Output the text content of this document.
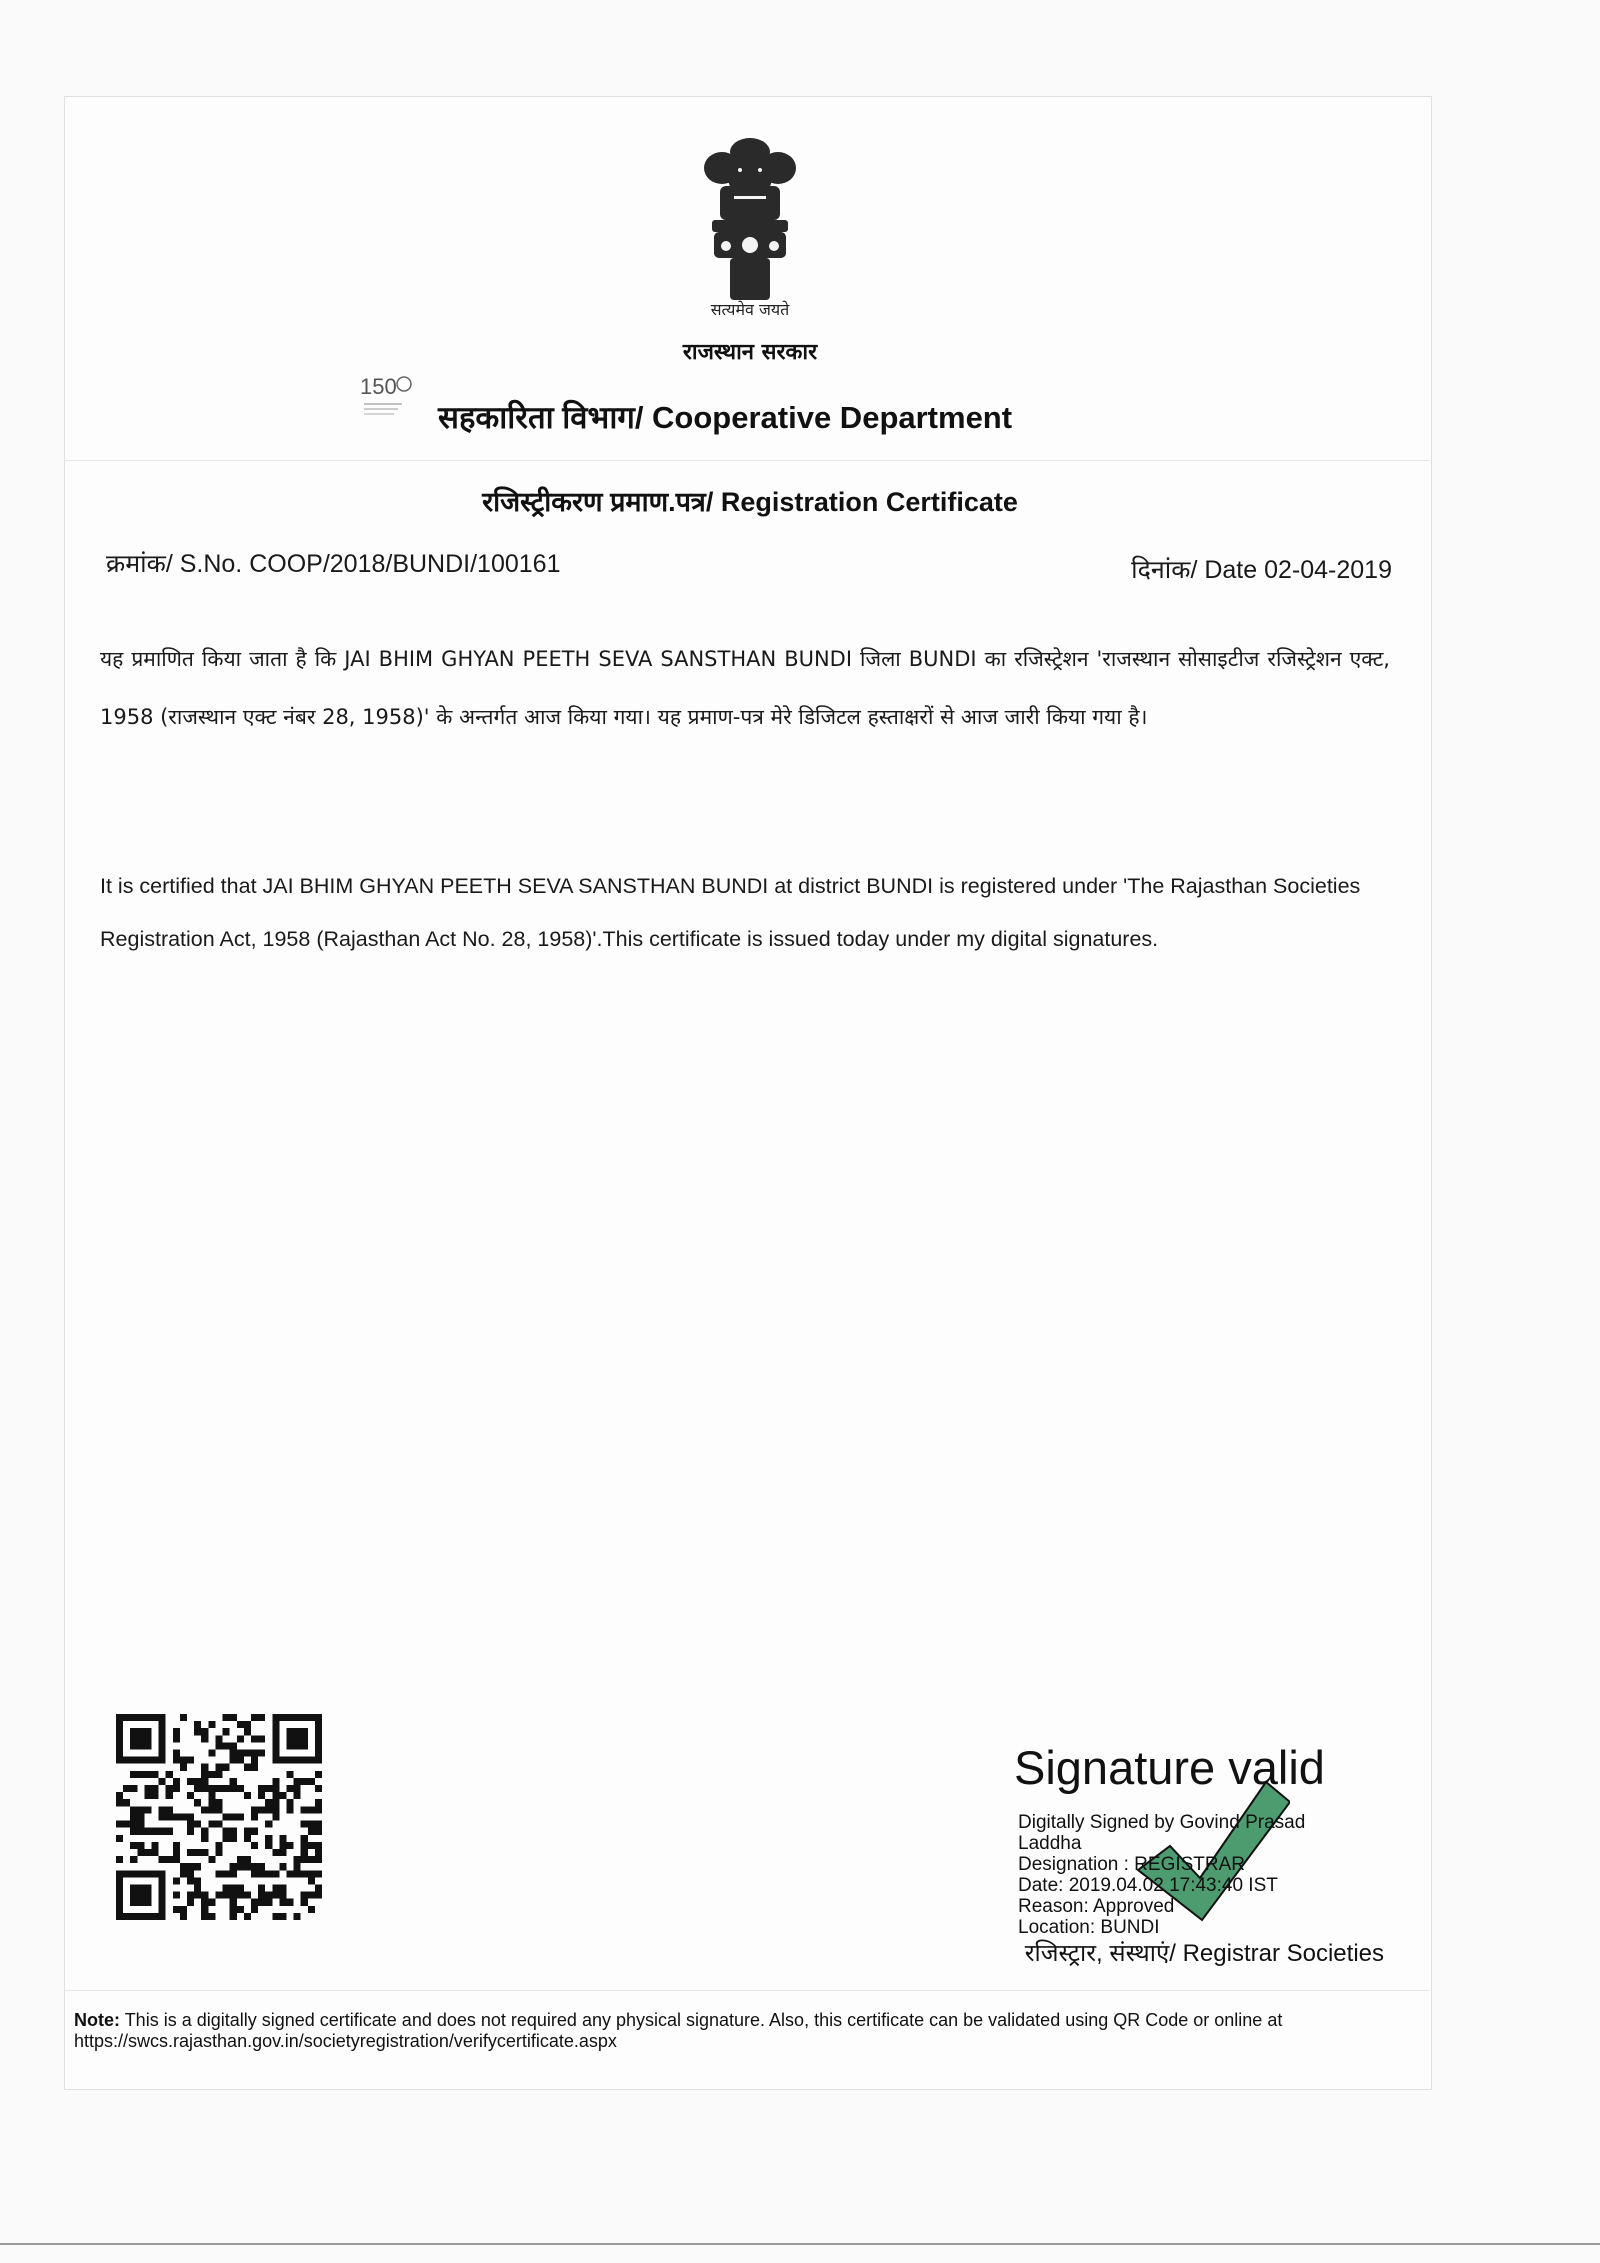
सत्यमेव जयते
राजस्थान सरकार
150
सहकारिता विभाग/ Cooperative Department
रजिस्ट्रीकरण प्रमाण.पत्र/ Registration Certificate
क्रमांक/ S.No. COOP/2018/BUNDI/100161	दिनांक/ Date 02-04-2019
यह प्रमाणित किया जाता है कि JAI BHIM GHYAN PEETH SEVA SANSTHAN BUNDI जिला BUNDI का रजिस्ट्रेशन 'राजस्थान सोसाइटीज रजिस्ट्रेशन एक्ट, 1958 (राजस्थान एक्ट नंबर 28, 1958)' के अन्तर्गत आज किया गया। यह प्रमाण-पत्र मेरे डिजिटल हस्ताक्षरों से आज जारी किया गया है।
It is certified that JAI BHIM GHYAN PEETH SEVA SANSTHAN BUNDI at district BUNDI is registered under 'The Rajasthan Societies Registration Act, 1958 (Rajasthan Act No. 28, 1958)'.This certificate is issued today under my digital signatures.
Signature valid
Digitally Signed by Govind Prasad
Laddha
Designation : REGISTRAR
Date: 2019.04.02 17:43:40 IST
Reason: Approved
Location: BUNDI
रजिस्ट्रार, संस्थाएं/ Registrar Societies
Note: This is a digitally signed certificate and does not required any physical signature. Also, this certificate can be validated using QR Code or online at https://swcs.rajasthan.gov.in/societyregistration/verifycertificate.aspx
